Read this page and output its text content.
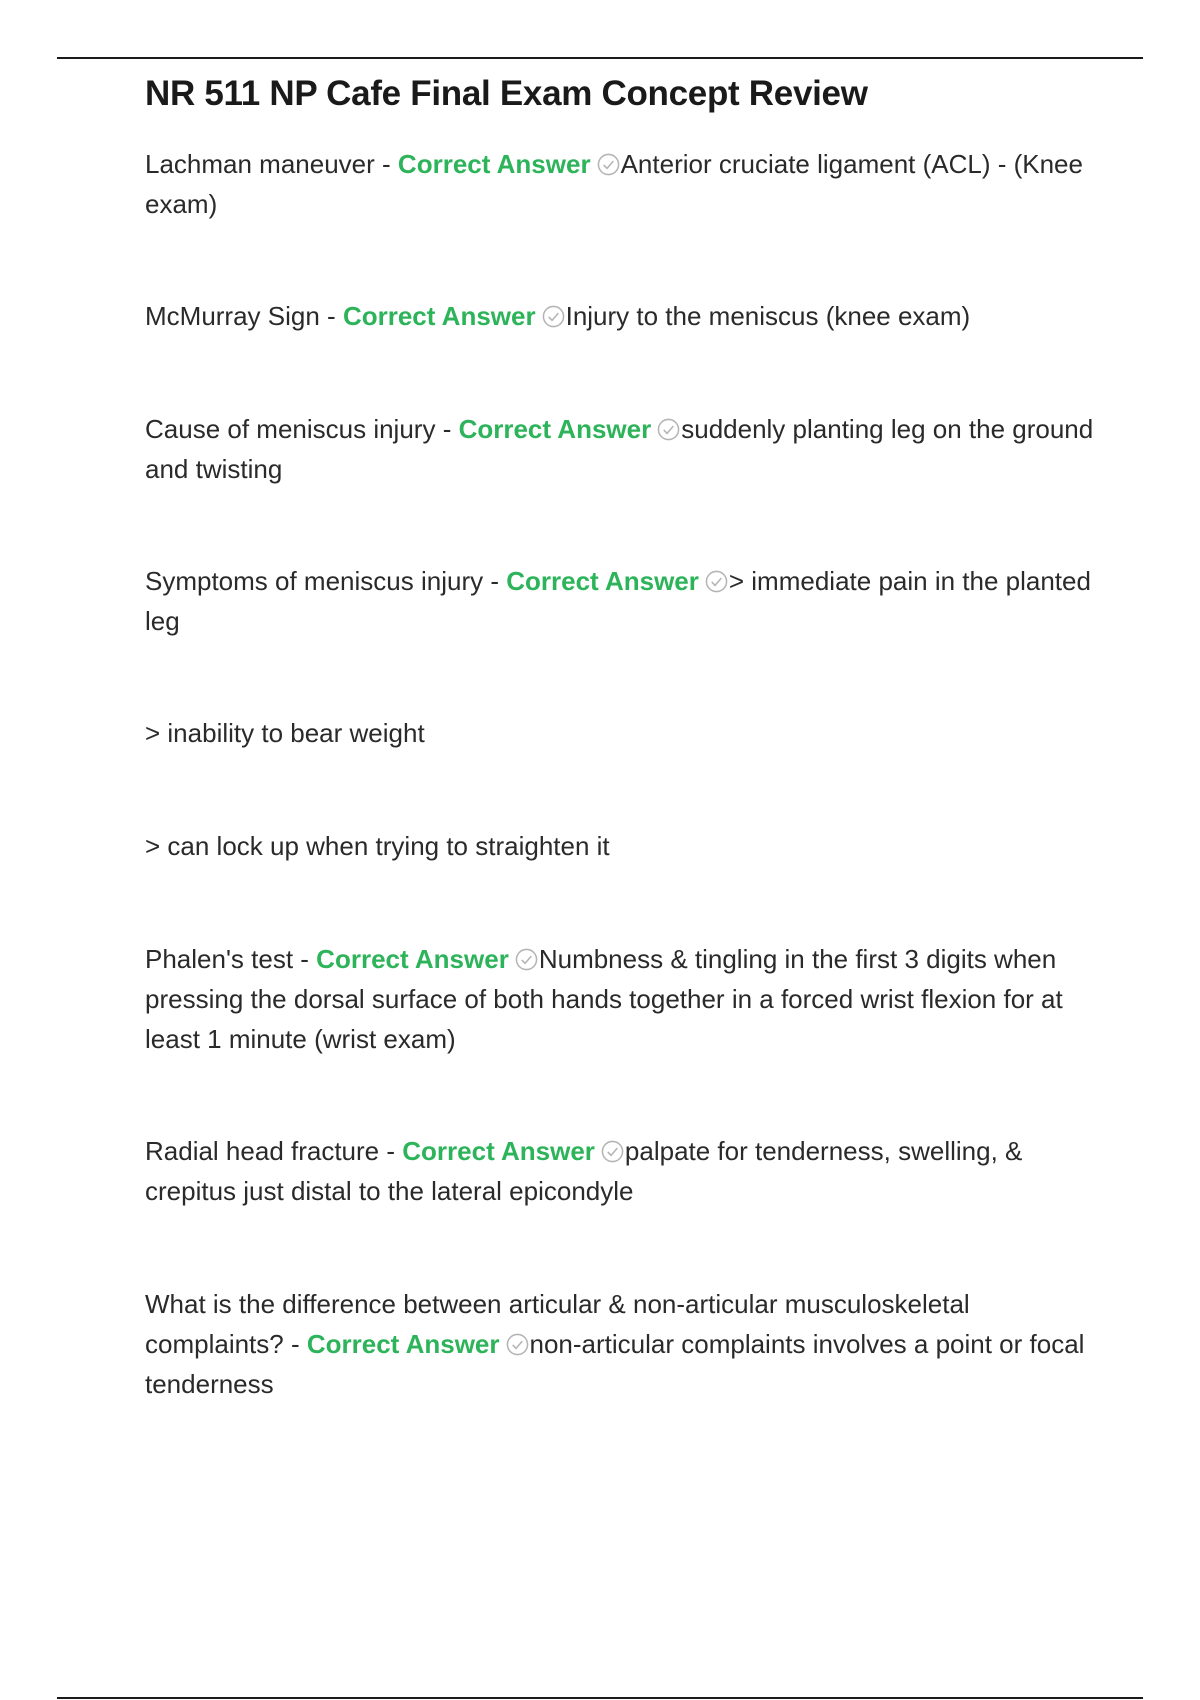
NR 511 NP Cafe Final Exam Concept Review

Lachman maneuver - Correct Answer Anterior cruciate ligament (ACL) - (Knee exam)

McMurray Sign - Correct Answer Injury to the meniscus (knee exam)

Cause of meniscus injury - Correct Answer suddenly planting leg on the ground and twisting

Symptoms of meniscus injury - Correct Answer > immediate pain in the planted leg

> inability to bear weight

> can lock up when trying to straighten it

Phalen's test - Correct Answer Numbness & tingling in the first 3 digits when pressing the dorsal surface of both hands together in a forced wrist flexion for at least 1 minute (wrist exam)

Radial head fracture - Correct Answer palpate for tenderness, swelling, & crepitus just distal to the lateral epicondyle

What is the difference between articular & non-articular musculoskeletal complaints? - Correct Answer non-articular complaints involves a point or focal tenderness
